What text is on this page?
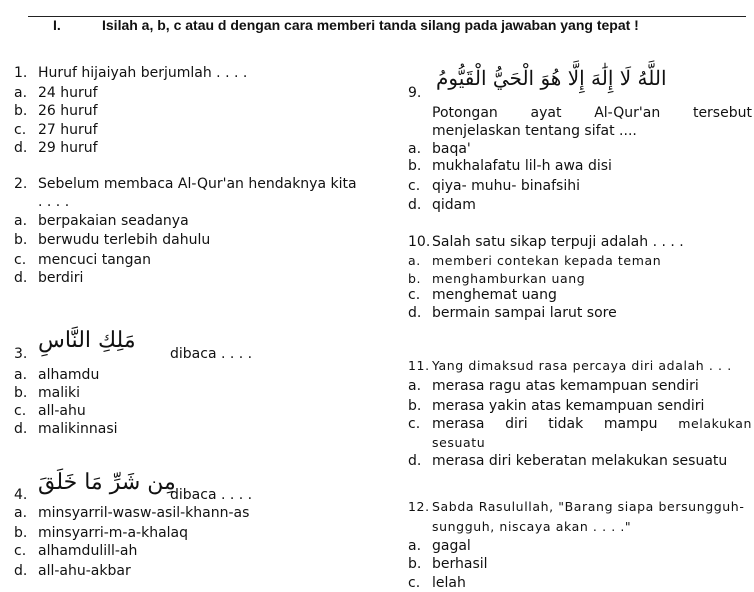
I.	Isilah a, b, c atau d dengan cara memberi tanda silang pada jawaban yang tepat !
1. Huruf hijaiyah berjumlah . . . .
a. 24 huruf
b. 26 huruf
c. 27 huruf
d. 29 huruf
2. Sebelum membaca Al-Qur'an hendaknya kita
. . . .
a. berpakaian seadanya
b. berwudu terlebih dahulu
c. mencuci tangan
d. berdiri
3.
مَلِكِ النَّاسِ
dibaca . . . .
a. alhamdu
b. maliki
c. all-ahu
d. malikinnasi
4. مِن شَرِّ مَا خَلَقَ
dibaca . . . .
a. minsyarril-wasw-asil-khann-as
b. minsyarri-m-a-khalaq
c. alhamdulill-ah
d. all-ahu-akbar
9.
اللَّهُ لَا إِلَٰهَ إِلَّا هُوَ الْحَيُّ الْقَيُّومُ
Potongan ayat Al-Qur'an tersebut
menjelaskan tentang sifat ....
a. baqa'
b. mukhalafatu lil-h awa disi
c. qiya- muhu- binafsihi
d. qidam
10. Salah satu sikap terpuji adalah . . . .
a. memberi contekan kepada teman
b. menghamburkan uang
c. menghemat uang
d. bermain sampai larut sore
11. Yang dimaksud rasa percaya diri adalah . . .
a. merasa ragu atas kemampuan sendiri
b. merasa yakin atas kemampuan sendiri
c. merasa diri tidak mampu melakukan
sesuatu
d. merasa diri keberatan melakukan sesuatu
12. Sabda Rasulullah, "Barang siapa bersungguh-
sungguh, niscaya akan . . . ."
a. gagal
b. berhasil
c. lelah
